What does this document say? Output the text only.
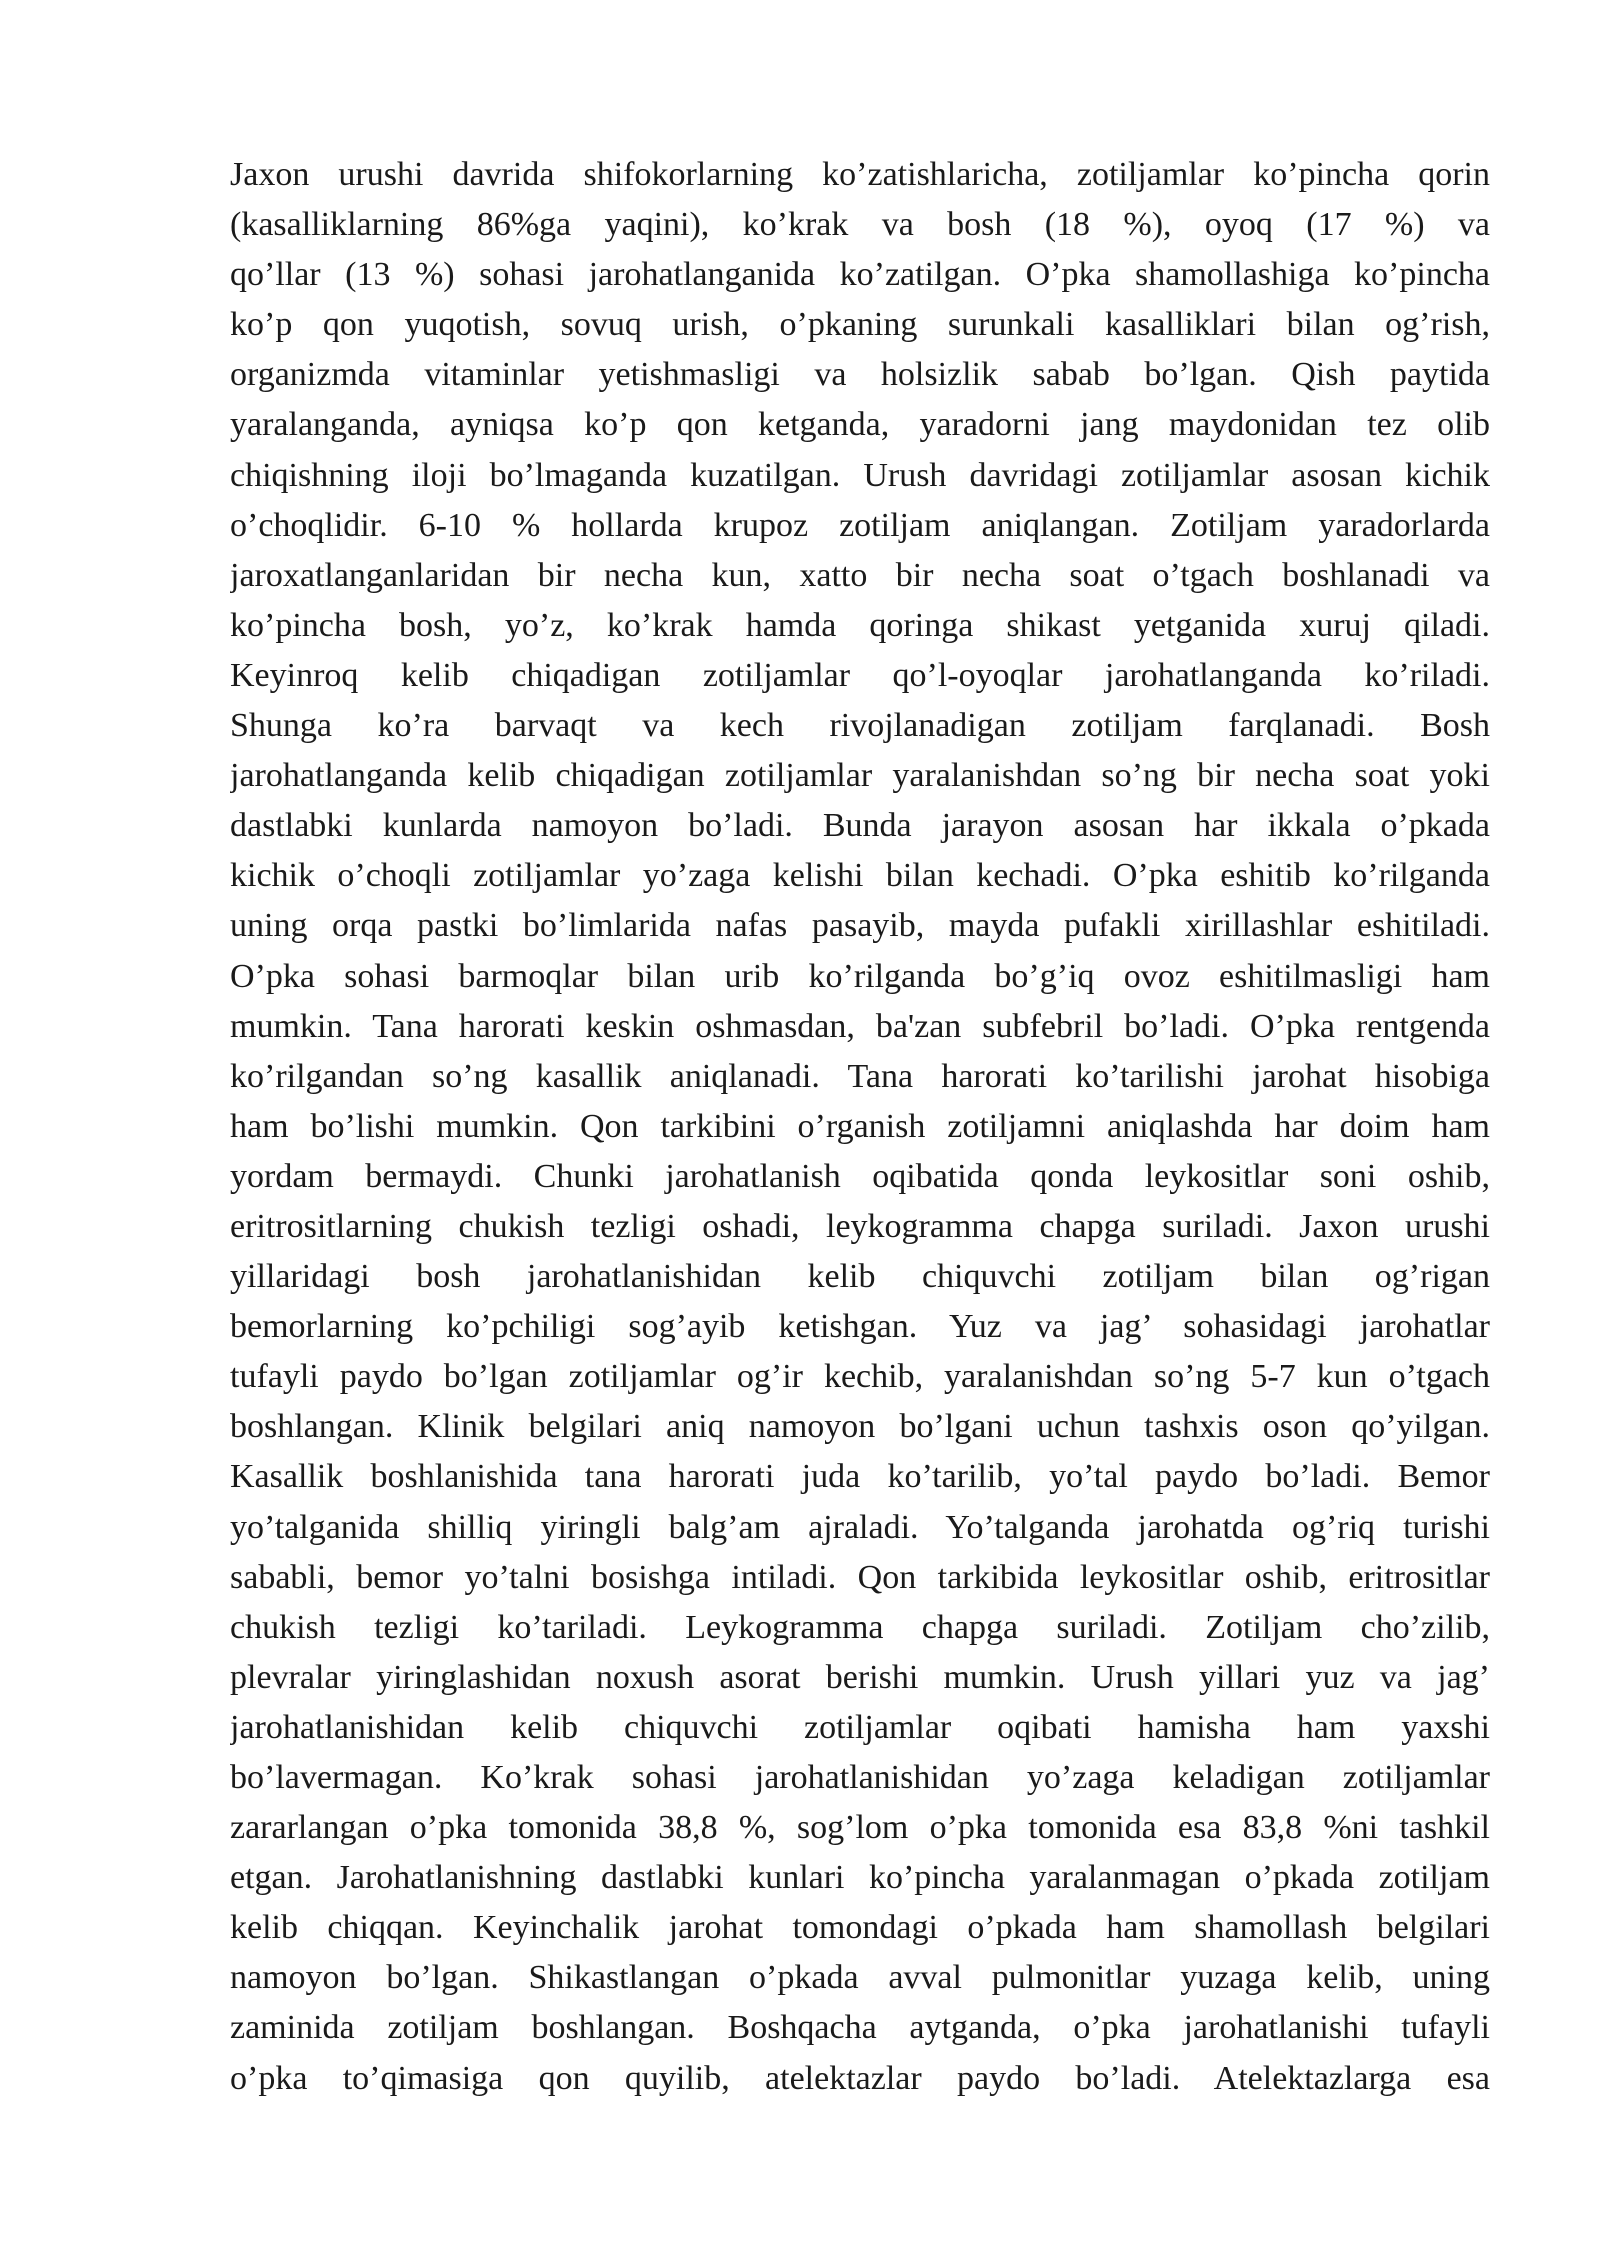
Jaxon urushi davrida shifokorlarning ko’zatishlaricha, zotiljamlar ko’pincha qorin
(kasalliklarning 86%ga yaqini), ko’krak va bosh (18 %), oyoq (17 %) va
qo’llar (13 %) sohasi jarohatlanganida ko’zatilgan. O’pka shamollashiga ko’pincha
ko’p qon yuqotish, sovuq urish, o’pkaning surunkali kasalliklari bilan og’rish,
organizmda vitaminlar yetishmasligi va holsizlik sabab bo’lgan. Qish paytida
yaralanganda, ayniqsa ko’p qon ketganda, yaradorni jang maydonidan tez olib
chiqishning iloji bo’lmaganda kuzatilgan. Urush davridagi zotiljamlar asosan kichik
o’choqlidir. 6-10 % hollarda krupoz zotiljam aniqlangan. Zotiljam yaradorlarda
jaroxatlanganlaridan bir necha kun, xatto bir necha soat o’tgach boshlanadi va
ko’pincha bosh, yo’z, ko’krak hamda qoringa shikast yetganida xuruj qiladi.
Keyinroq kelib chiqadigan zotiljamlar qo’l-oyoqlar jarohatlanganda ko’riladi.
Shunga ko’ra barvaqt va kech rivojlanadigan zotiljam farqlanadi. Bosh
jarohatlanganda kelib chiqadigan zotiljamlar yaralanishdan so’ng bir necha soat yoki
dastlabki kunlarda namoyon bo’ladi. Bunda jarayon asosan har ikkala o’pkada
kichik o’choqli zotiljamlar yo’zaga kelishi bilan kechadi. O’pka eshitib ko’rilganda
uning orqa pastki bo’limlarida nafas pasayib, mayda pufakli xirillashlar eshitiladi.
O’pka sohasi barmoqlar bilan urib ko’rilganda bo’g’iq ovoz eshitilmasligi ham
mumkin. Tana harorati keskin oshmasdan, ba'zan subfebril bo’ladi. O’pka rentgenda
ko’rilgandan so’ng kasallik aniqlanadi. Tana harorati ko’tarilishi jarohat hisobiga
ham bo’lishi mumkin. Qon tarkibini o’rganish zotiljamni aniqlashda har doim ham
yordam bermaydi. Chunki jarohatlanish oqibatida qonda leykositlar soni oshib,
eritrositlarning chukish tezligi oshadi, leykogramma chapga suriladi. Jaxon urushi
yillaridagi bosh jarohatlanishidan kelib chiquvchi zotiljam bilan og’rigan
bemorlarning ko’pchiligi sog’ayib ketishgan. Yuz va jag’ sohasidagi jarohatlar
tufayli paydo bo’lgan zotiljamlar og’ir kechib, yaralanishdan so’ng 5-7 kun o’tgach
boshlangan. Klinik belgilari aniq namoyon bo’lgani uchun tashxis oson qo’yilgan.
Kasallik boshlanishida tana harorati juda ko’tarilib, yo’tal paydo bo’ladi. Bemor
yo’talganida shilliq yiringli balg’am ajraladi. Yo’talganda jarohatda og’riq turishi
sababli, bemor yo’talni bosishga intiladi. Qon tarkibida leykositlar oshib, eritrositlar
chukish tezligi ko’tariladi. Leykogramma chapga suriladi. Zotiljam cho’zilib,
plevralar yiringlashidan noxush asorat berishi mumkin. Urush yillari yuz va jag’
jarohatlanishidan kelib chiquvchi zotiljamlar oqibati hamisha ham yaxshi
bo’lavermagan. Ko’krak sohasi jarohatlanishidan yo’zaga keladigan zotiljamlar
zararlangan o’pka tomonida 38,8 %, sog’lom o’pka tomonida esa 83,8 %ni tashkil
etgan. Jarohatlanishning dastlabki kunlari ko’pincha yaralanmagan o’pkada zotiljam
kelib chiqqan. Keyinchalik jarohat tomondagi o’pkada ham shamollash belgilari
namoyon bo’lgan. Shikastlangan o’pkada avval pulmonitlar yuzaga kelib, uning
zaminida zotiljam boshlangan. Boshqacha aytganda, o’pka jarohatlanishi tufayli
o’pka to’qimasiga qon quyilib, atelektazlar paydo bo’ladi. Atelektazlarga esa
